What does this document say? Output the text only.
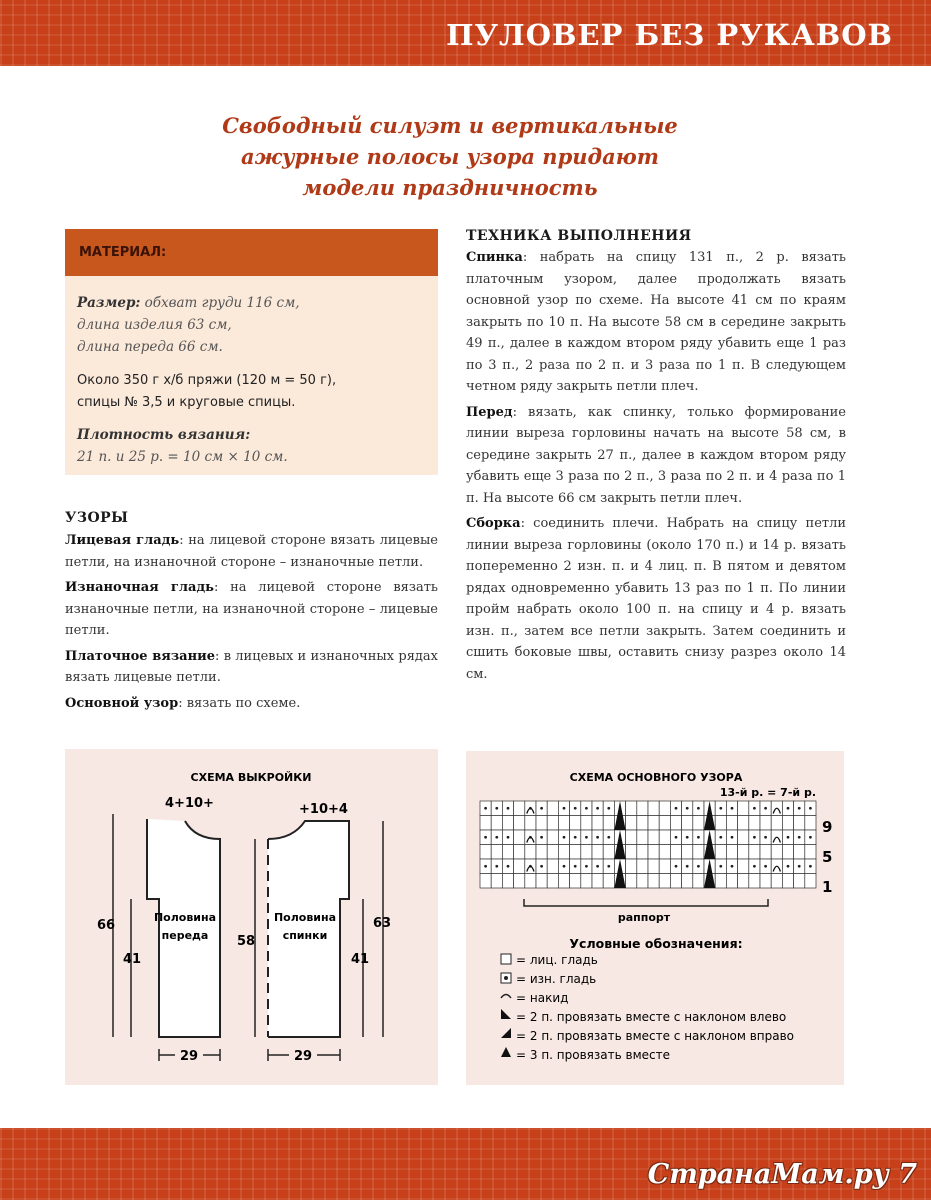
ПУЛОВЕР БЕЗ РУКАВОВ
Свободный силуэт и вертикальные
ажурные полосы узора придают
модели праздничность
МАТЕРИАЛ:
Размер: обхват груди 116 см,
длина изделия 63 см,
длина переда 66 см.
Около 350 г х/б пряжи (120 м = 50 г),
спицы № 3,5 и круговые спицы.
Плотность вязания:
21 п. и 25 р. = 10 см × 10 см.
УЗОРЫ

Лицевая гладь: на лицевой стороне вязать лицевые петли, на изнаночной стороне – изнаночные петли.

Изнаночная гладь: на лицевой стороне вязать изнаночные петли, на изнаночной стороне – лицевые петли.

Платочное вязание: в лицевых и изнаночных рядах вязать лицевые петли.

Основной узор: вязать по схеме.

ТЕХНИКА ВЫПОЛНЕНИЯ

Спинка: набрать на спицу 131 п., 2 р. вязать платочным узором, далее продолжать вязать основной узор по схеме. На высоте 41 см по краям закрыть по 10 п. На высоте 58 см в середине закрыть 49 п., далее в каждом втором ряду убавить еще 1 раз по 3 п., 2 раза по 2 п. и 3 раза по 1 п. В следующем четном ряду закрыть петли плеч.

Перед: вязать, как спинку, только формирование линии выреза горловины начать на высоте 58 см, в середине закрыть 27 п., далее в каждом втором ряду убавить еще 3 раза по 2 п., 3 раза по 2 п. и 4 раза по 1 п. На высоте 66 см закрыть петли плеч.

Сборка: соединить плечи. Набрать на спицу петли линии выреза горловины (около 170 п.) и 14 р. вязать попеременно 2 изн. п. и 4 лиц. п. В пятом и девятом рядах одновременно убавить 13 раз по 1 п. По линии пройм набрать около 100 п. на спицу и 4 р. вязать изн. п., затем все петли закрыть. Затем соединить и сшить боковые швы, оставить снизу разрез около 14 см.

СХЕМА ВЫКРОЙКИ
4+10+
Половина
переда
+10+4
Половина
спинки
66
41
58
41
63
29	29
СХЕМА ОСНОВНОГО УЗОРА
13-й р. = 7-й р.
9
5
1
раппорт
Условные обозначения:
= лиц. гладь
= изн. гладь
= накид
= 2 п. провязать вместе с наклоном влево
= 2 п. провязать вместе с наклоном вправо
= 3 п. провязать вместе
СтранаМам.ру 7
